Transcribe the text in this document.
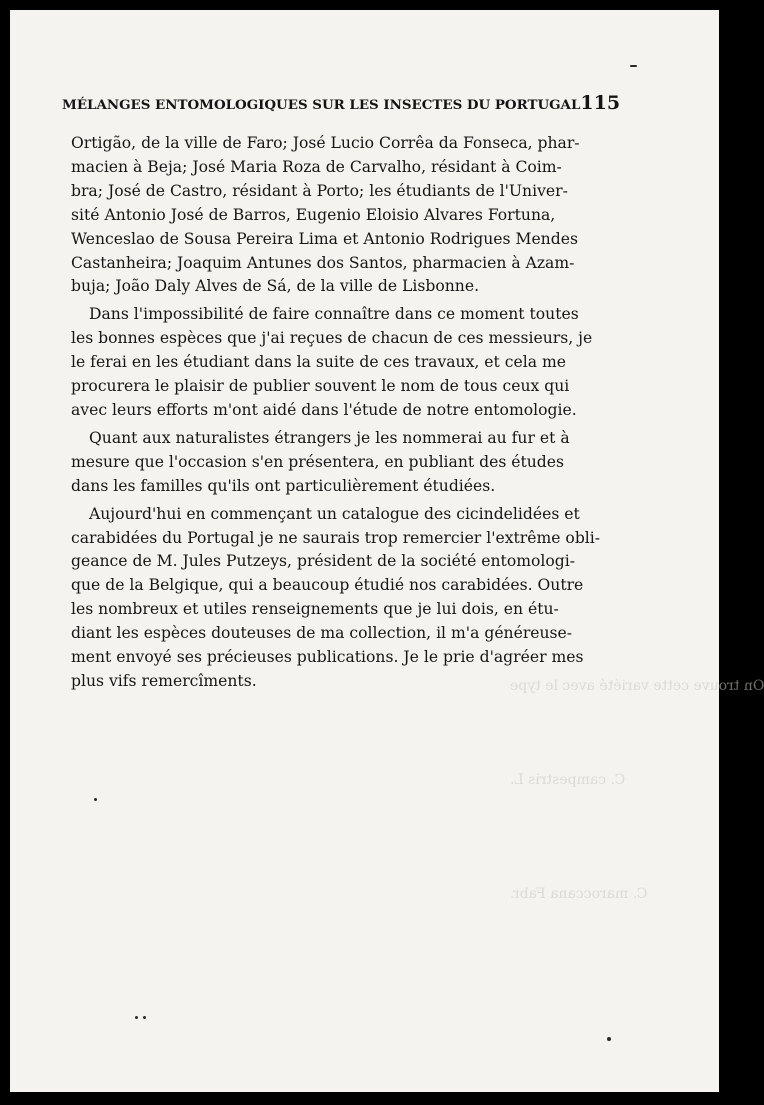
On trouve cette variété avec le type
C. campestris L.
C. maroccana Fabr.
MÉLANGES ENTOMOLOGIQUES SUR LES INSECTES DU PORTUGAL 115
Ortigão, de la ville de Faro; José Lucio Corrêa da Fonseca, phar-
macien à Beja; José Maria Roza de Carvalho, résidant à Coim-
bra; José de Castro, résidant à Porto; les étudiants de l'Univer-
sité Antonio José de Barros, Eugenio Eloisio Alvares Fortuna,
Wenceslao de Sousa Pereira Lima et Antonio Rodrigues Mendes
Castanheira; Joaquim Antunes dos Santos, pharmacien à Azam-
buja; João Daly Alves de Sá, de la ville de Lisbonne.
Dans l'impossibilité de faire connaître dans ce moment toutes
les bonnes espèces que j'ai reçues de chacun de ces messieurs, je
le ferai en les étudiant dans la suite de ces travaux, et cela me
procurera le plaisir de publier souvent le nom de tous ceux qui
avec leurs efforts m'ont aidé dans l'étude de notre entomologie.
Quant aux naturalistes étrangers je les nommerai au fur et à
mesure que l'occasion s'en présentera, en publiant des études
dans les familles qu'ils ont particulièrement étudiées.
Aujourd'hui en commençant un catalogue des cicindelidées et
carabidées du Portugal je ne saurais trop remercier l'extrême obli-
geance de M. Jules Putzeys, président de la société entomologi-
que de la Belgique, qui a beaucoup étudié nos carabidées. Outre
les nombreux et utiles renseignements que je lui dois, en étu-
diant les espèces douteuses de ma collection, il m'a généreuse-
ment envoyé ses précieuses publications. Je le prie d'agréer mes
plus vifs remercîments.
